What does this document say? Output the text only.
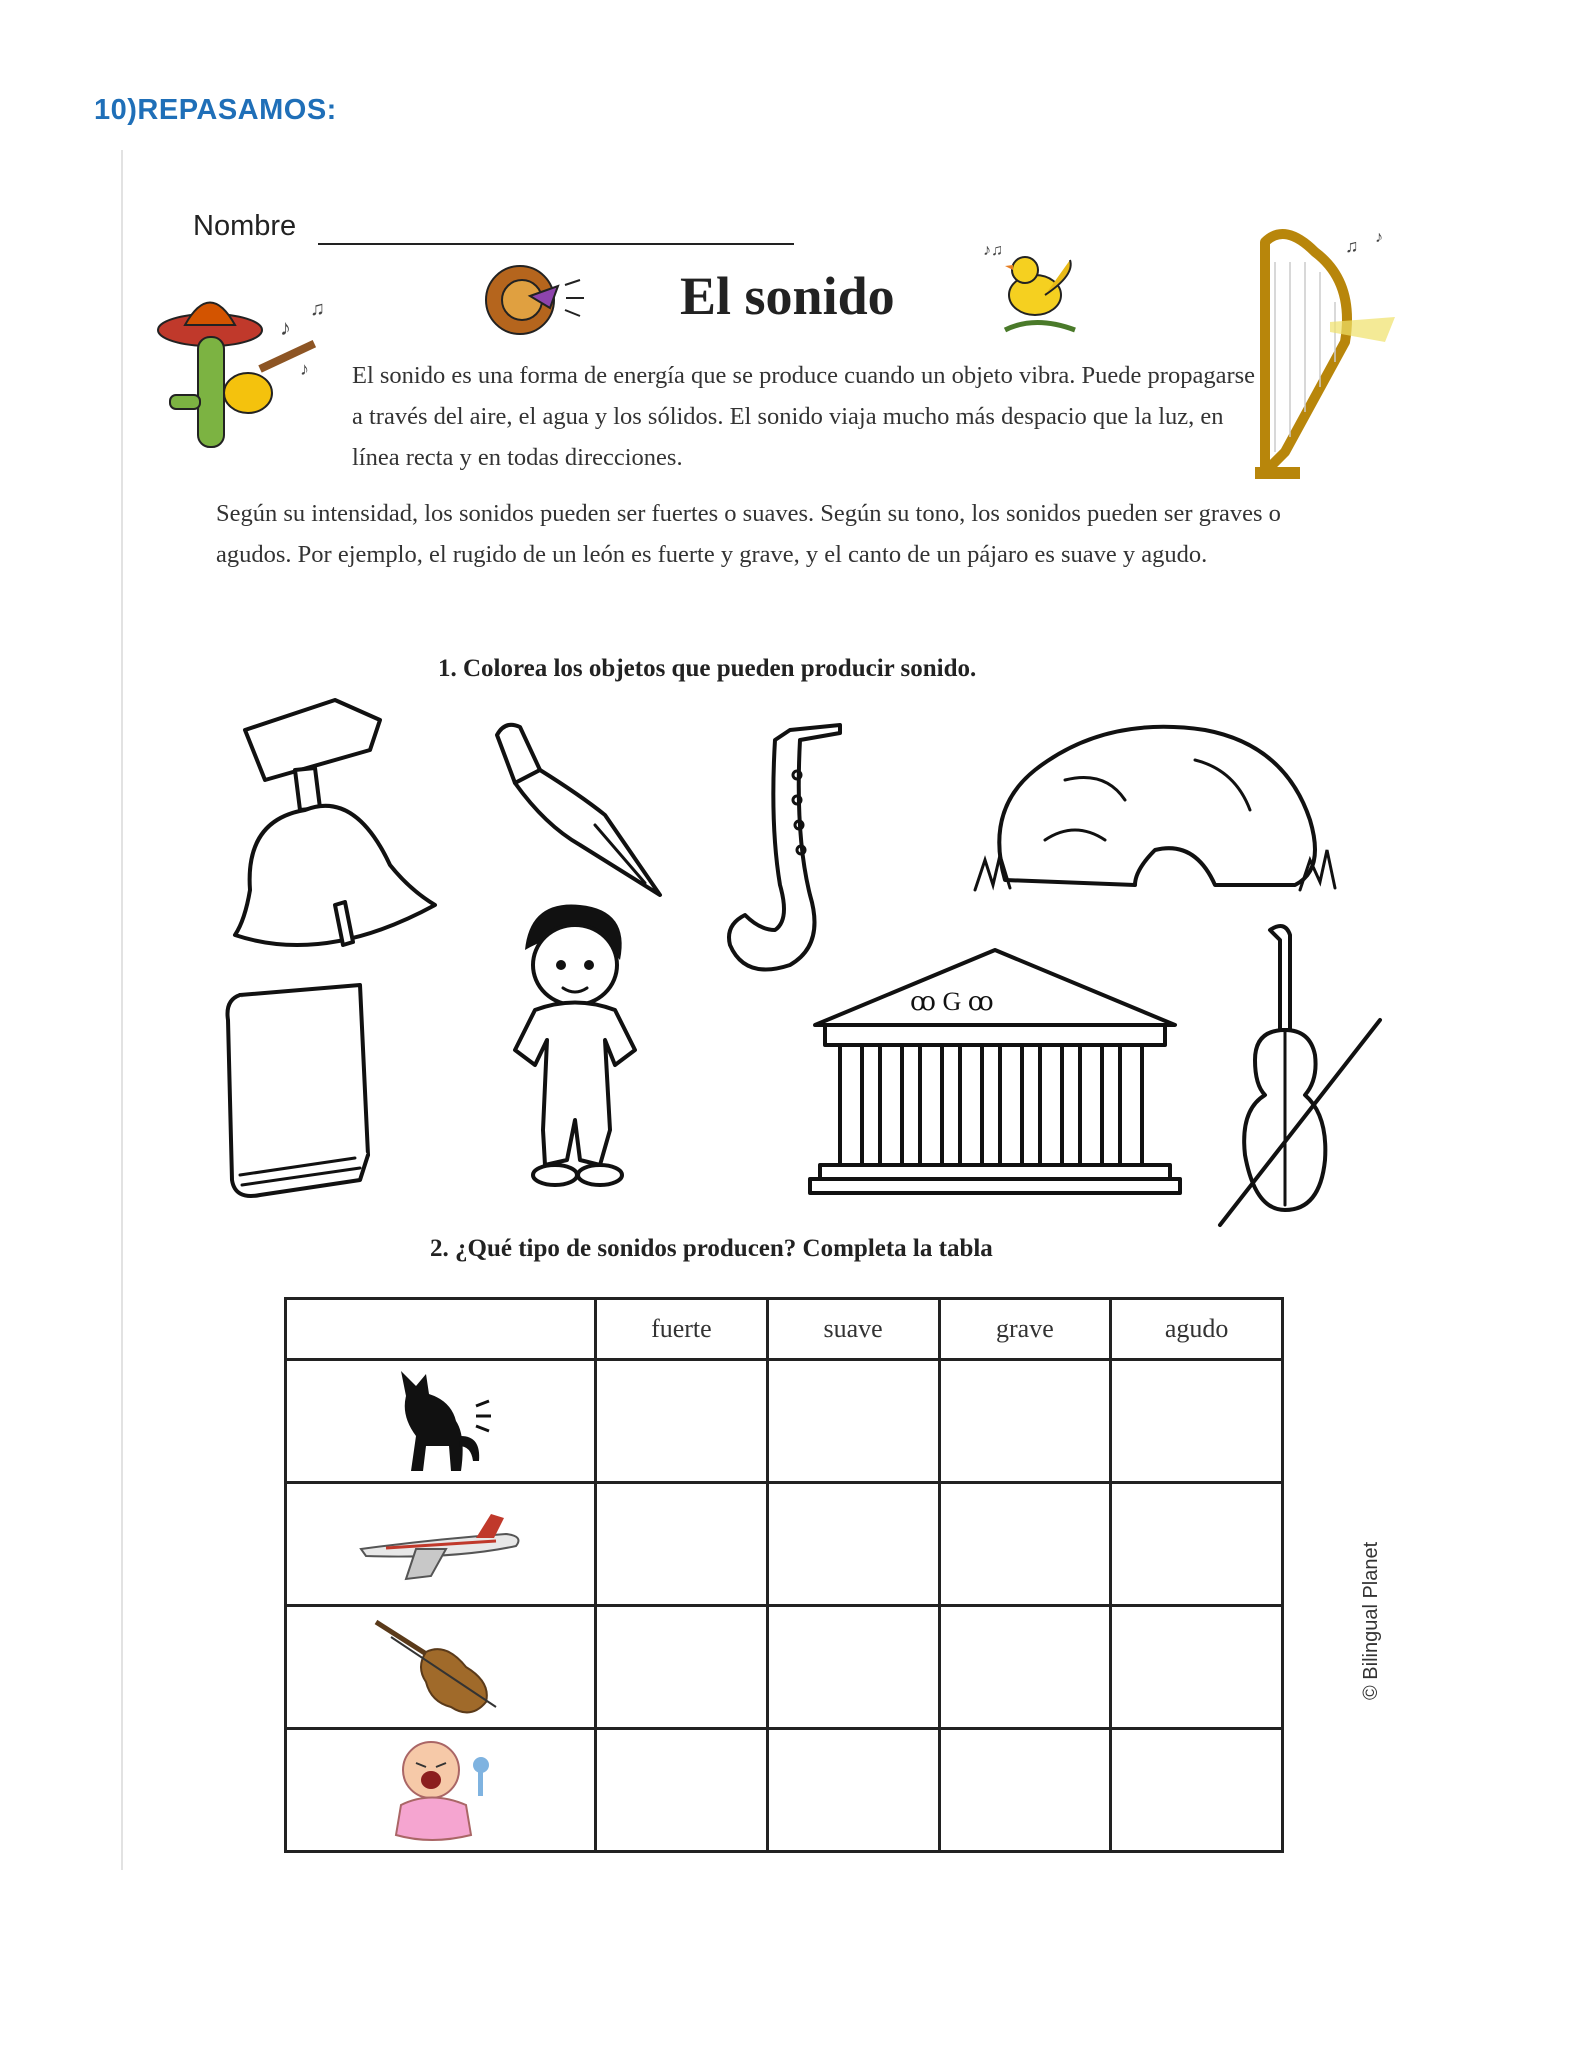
10)REPASAMOS:
Nombre
El sonido
♪
♫
♪
♪♫	♫ ♪
El sonido es una forma de energía que se produce cuando un objeto vibra. Puede propagarse a través del aire, el agua y los sólidos. El sonido viaja mucho más despacio que la luz, en línea recta y en todas direcciones.
Según su intensidad, los sonidos pueden ser fuertes o suaves. Según su tono, los sonidos pueden ser graves o agudos. Por ejemplo, el rugido de un león es fuerte y grave, y el canto de un pájaro es suave y agudo.
1. Colorea los objetos que pueden producir sonido.
ꝏ G ꝏ
2. ¿Qué tipo de sonidos producen? Completa la tabla
	fuerte	suave	grave	agudo

© Bilingual Planet
